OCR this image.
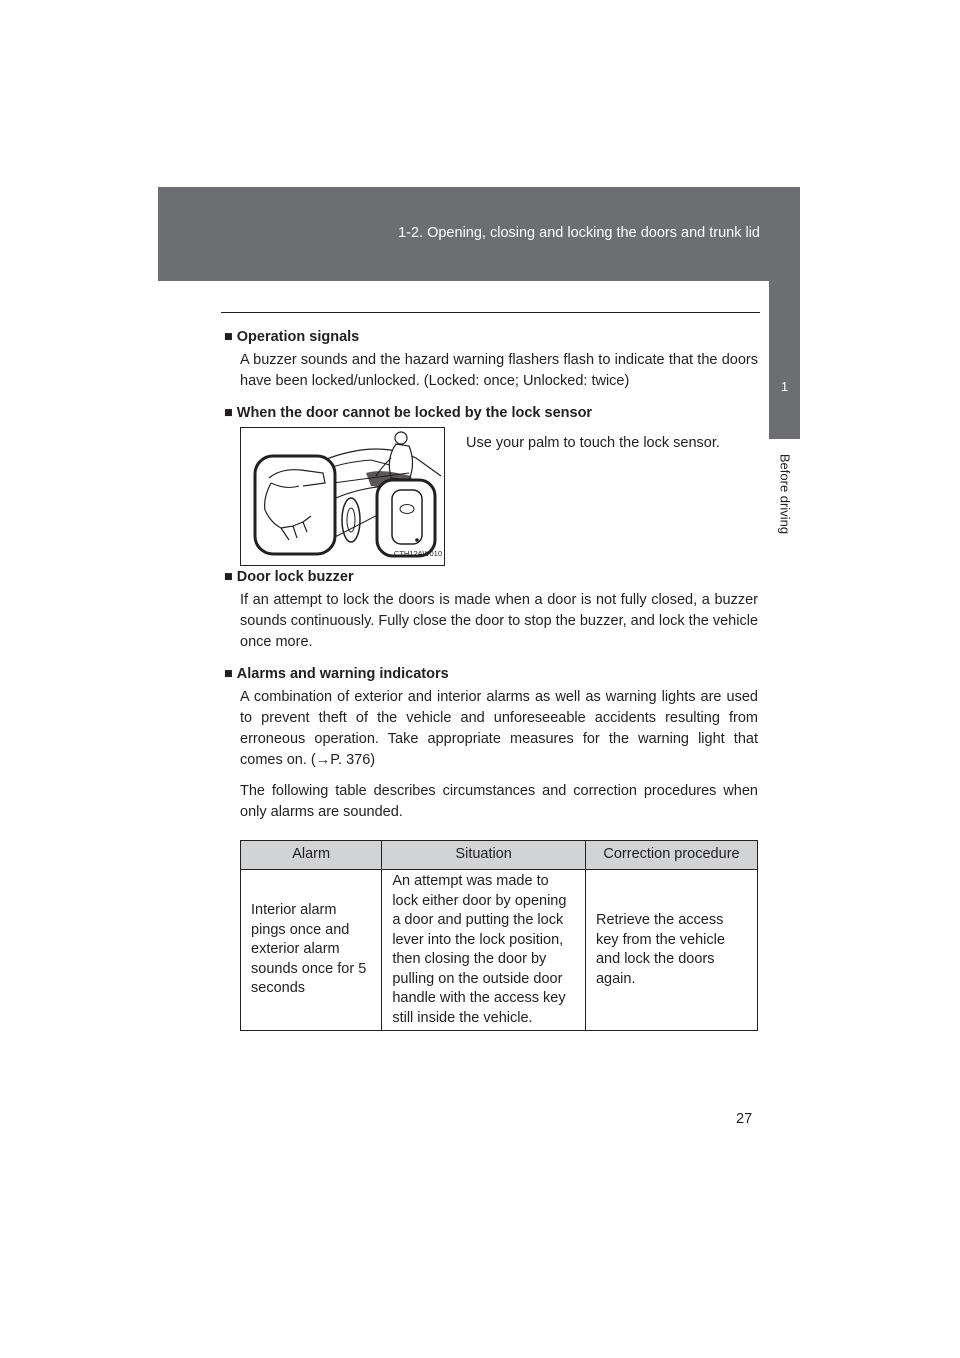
1-2. Opening, closing and locking the doors and trunk lid
1
Before driving

■ Operation signals

A buzzer sounds and the hazard warning flashers flash to indicate that the doors have been locked/unlocked. (Locked: once; Unlocked: twice)

■ When the door cannot be locked by the lock sensor

CTH12AW010
Use your palm to touch the lock sensor.

■ Door lock buzzer

If an attempt to lock the doors is made when a door is not fully closed, a buzzer sounds continuously. Fully close the door to stop the buzzer, and lock the vehicle once more.

■ Alarms and warning indicators

A combination of exterior and interior alarms as well as warning lights are used to prevent theft of the vehicle and unforeseeable accidents resulting from erroneous operation. Take appropriate measures for the warning light that comes on. (→P. 376)

The following table describes circumstances and correction procedures when only alarms are sounded.

Alarm	Situation	Correction procedure
Interior alarm pings once and exterior alarm sounds once for 5 seconds	An attempt was made to lock either door by opening a door and putting the lock lever into the lock position, then closing the door by pulling on the outside door handle with the access key still inside the vehicle.	Retrieve the access key from the vehicle and lock the doors again.
27
